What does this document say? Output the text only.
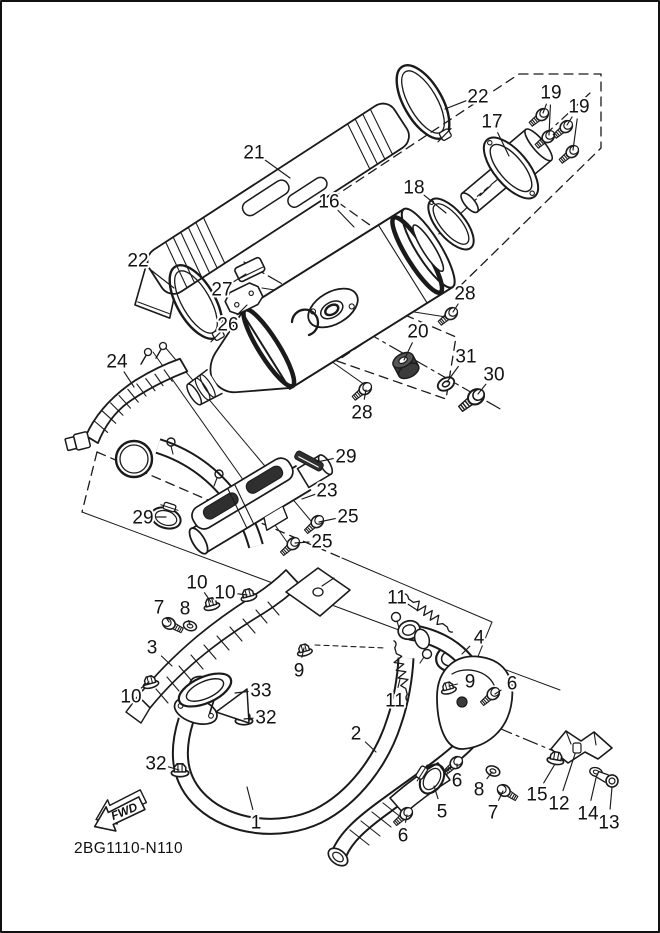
FWD
2BG1110-N110
22	19
19
17
21
16
18
22
27
26
28
20
31
30
28
24
29
23
25
25
29
10 10
7 8
3
10
9
33
32
32
1
11
11
2
4
9 6
6 8
7
5
6
15 12 14 13
